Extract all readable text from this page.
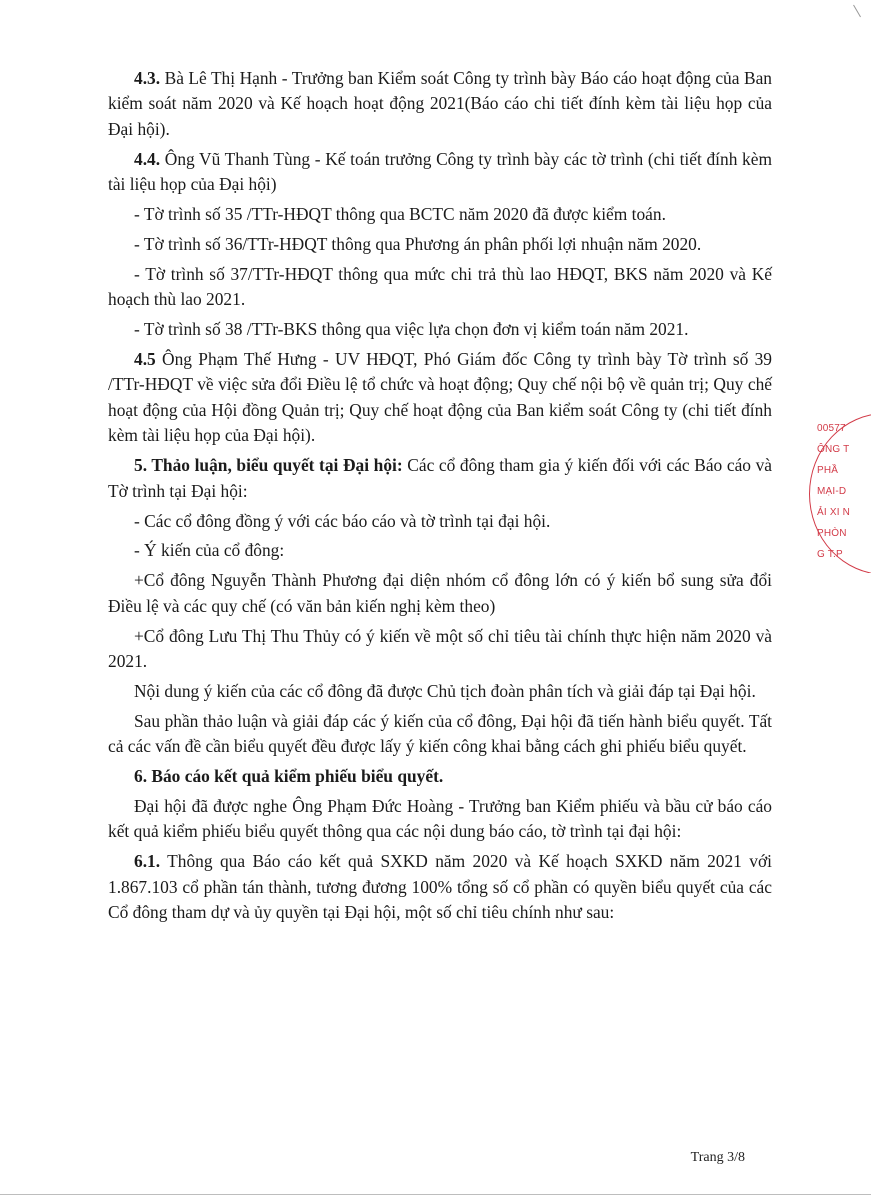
4.3. Bà Lê Thị Hạnh - Trưởng ban Kiểm soát Công ty trình bày Báo cáo hoạt động của Ban kiểm soát năm 2020 và Kế hoạch hoạt động 2021(Báo cáo chi tiết đính kèm tài liệu họp của Đại hội).

4.4. Ông Vũ Thanh Tùng - Kế toán trưởng Công ty trình bày các tờ trình (chi tiết đính kèm tài liệu họp của Đại hội)

- Tờ trình số 35 /TTr-HĐQT thông qua BCTC năm 2020 đã được kiểm toán.

- Tờ trình số 36/TTr-HĐQT thông qua Phương án phân phối lợi nhuận năm 2020.

- Tờ trình số 37/TTr-HĐQT thông qua mức chi trả thù lao HĐQT, BKS năm 2020 và Kế hoạch thù lao 2021.

- Tờ trình số 38 /TTr-BKS thông qua việc lựa chọn đơn vị kiểm toán năm 2021.

4.5 Ông Phạm Thế Hưng - UV HĐQT, Phó Giám đốc Công ty trình bày Tờ trình số 39 /TTr-HĐQT về việc sửa đổi Điều lệ tổ chức và hoạt động; Quy chế nội bộ về quản trị; Quy chế hoạt động của Hội đồng Quản trị; Quy chế hoạt động của Ban kiểm soát Công ty (chi tiết đính kèm tài liệu họp của Đại hội).

5. Thảo luận, biểu quyết tại Đại hội: Các cổ đông tham gia ý kiến đối với các Báo cáo và Tờ trình tại Đại hội:

- Các cổ đông đồng ý với các báo cáo và tờ trình tại đại hội.

- Ý kiến của cổ đông:

+Cổ đông Nguyễn Thành Phương đại diện nhóm cổ đông lớn có ý kiến bổ sung sửa đổi Điều lệ và các quy chế (có văn bản kiến nghị kèm theo)

+Cổ đông Lưu Thị Thu Thủy có ý kiến về một số chỉ tiêu tài chính thực hiện năm 2020 và 2021.

Nội dung ý kiến của các cổ đông đã được Chủ tịch đoàn phân tích và giải đáp tại Đại hội.

Sau phần thảo luận và giải đáp các ý kiến của cổ đông, Đại hội đã tiến hành biểu quyết. Tất cả các vấn đề cần biểu quyết đều được lấy ý kiến công khai bằng cách ghi phiếu biểu quyết.

6. Báo cáo kết quả kiểm phiếu biểu quyết.

Đại hội đã được nghe Ông Phạm Đức Hoàng - Trưởng ban Kiểm phiếu và bầu cử báo cáo kết quả kiểm phiếu biểu quyết thông qua các nội dung báo cáo, tờ trình tại đại hội:

6.1. Thông qua Báo cáo kết quả SXKD năm 2020 và Kế hoạch SXKD năm 2021 với 1.867.103 cổ phần tán thành, tương đương 100% tổng số cổ phần có quyền biểu quyết của các Cổ đông tham dự và ủy quyền tại Đại hội, một số chỉ tiêu chính như sau:

00577
ÔNG T
PHẦ
MẠI-D
ẢI XI N
PHÒN
G T.P
Trang 3/8
